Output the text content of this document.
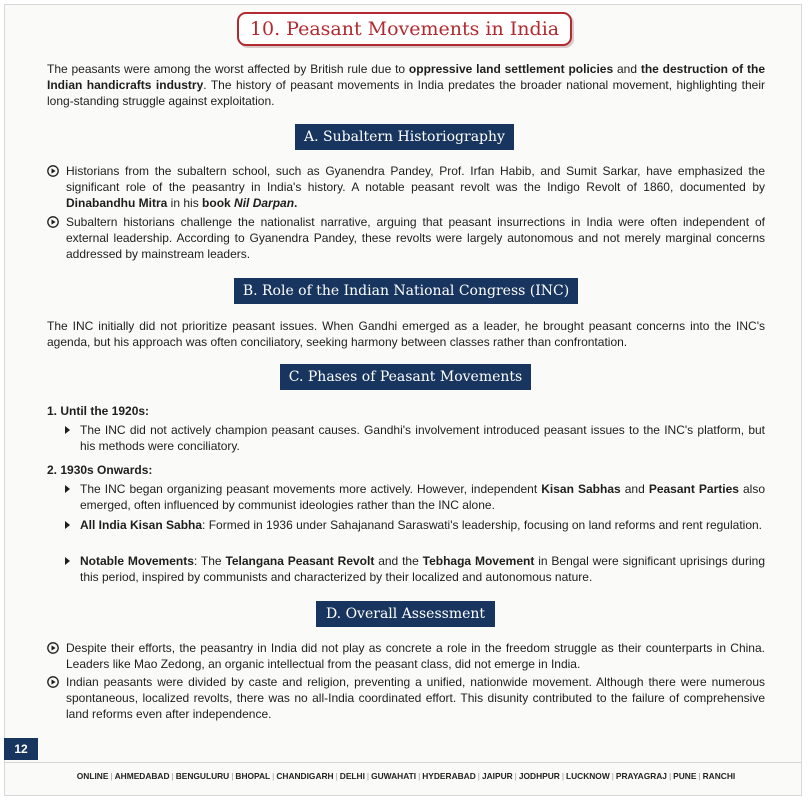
10. Peasant Movements in India

The peasants were among the worst affected by British rule due to oppressive land settlement policies and the destruction of the Indian handicrafts industry. The history of peasant movements in India predates the broader national movement, highlighting their long-standing struggle against exploitation.

A. Subaltern Historiography
Historians from the subaltern school, such as Gyanendra Pandey, Prof. Irfan Habib, and Sumit Sarkar, have emphasized the significant role of the peasantry in India's history. A notable peasant revolt was the Indigo Revolt of 1860, documented by Dinabandhu Mitra in his book Nil Darpan.
Subaltern historians challenge the nationalist narrative, arguing that peasant insurrections in India were often independent of external leadership. According to Gyanendra Pandey, these revolts were largely autonomous and not merely marginal concerns addressed by mainstream leaders.
B. Role of the Indian National Congress (INC)

The INC initially did not prioritize peasant issues. When Gandhi emerged as a leader, he brought peasant concerns into the INC's agenda, but his approach was often conciliatory, seeking harmony between classes rather than confrontation.

C. Phases of Peasant Movements
1. Until the 1920s:
The INC did not actively champion peasant causes. Gandhi's involvement introduced peasant issues to the INC's platform, but his methods were conciliatory.
2. 1930s Onwards:
The INC began organizing peasant movements more actively. However, independent Kisan Sabhas and Peasant Parties also emerged, often influenced by communist ideologies rather than the INC alone.
All India Kisan Sabha: Formed in 1936 under Sahajanand Saraswati's leadership, focusing on land reforms and rent regulation.
Notable Movements: The Telangana Peasant Revolt and the Tebhaga Movement in Bengal were significant uprisings during this period, inspired by communists and characterized by their localized and autonomous nature.
D. Overall Assessment
Despite their efforts, the peasantry in India did not play as concrete a role in the freedom struggle as their counterparts in China. Leaders like Mao Zedong, an organic intellectual from the peasant class, did not emerge in India.
Indian peasants were divided by caste and religion, preventing a unified, nationwide movement. Although there were numerous spontaneous, localized revolts, there was no all-India coordinated effort. This disunity contributed to the failure of comprehensive land reforms even after independence.
12
ONLINE | AHMEDABAD | BENGULURU | BHOPAL | CHANDIGARH | DELHI | GUWAHATI | HYDERABAD | JAIPUR | JODHPUR | LUCKNOW | PRAYAGRAJ | PUNE | RANCHI
